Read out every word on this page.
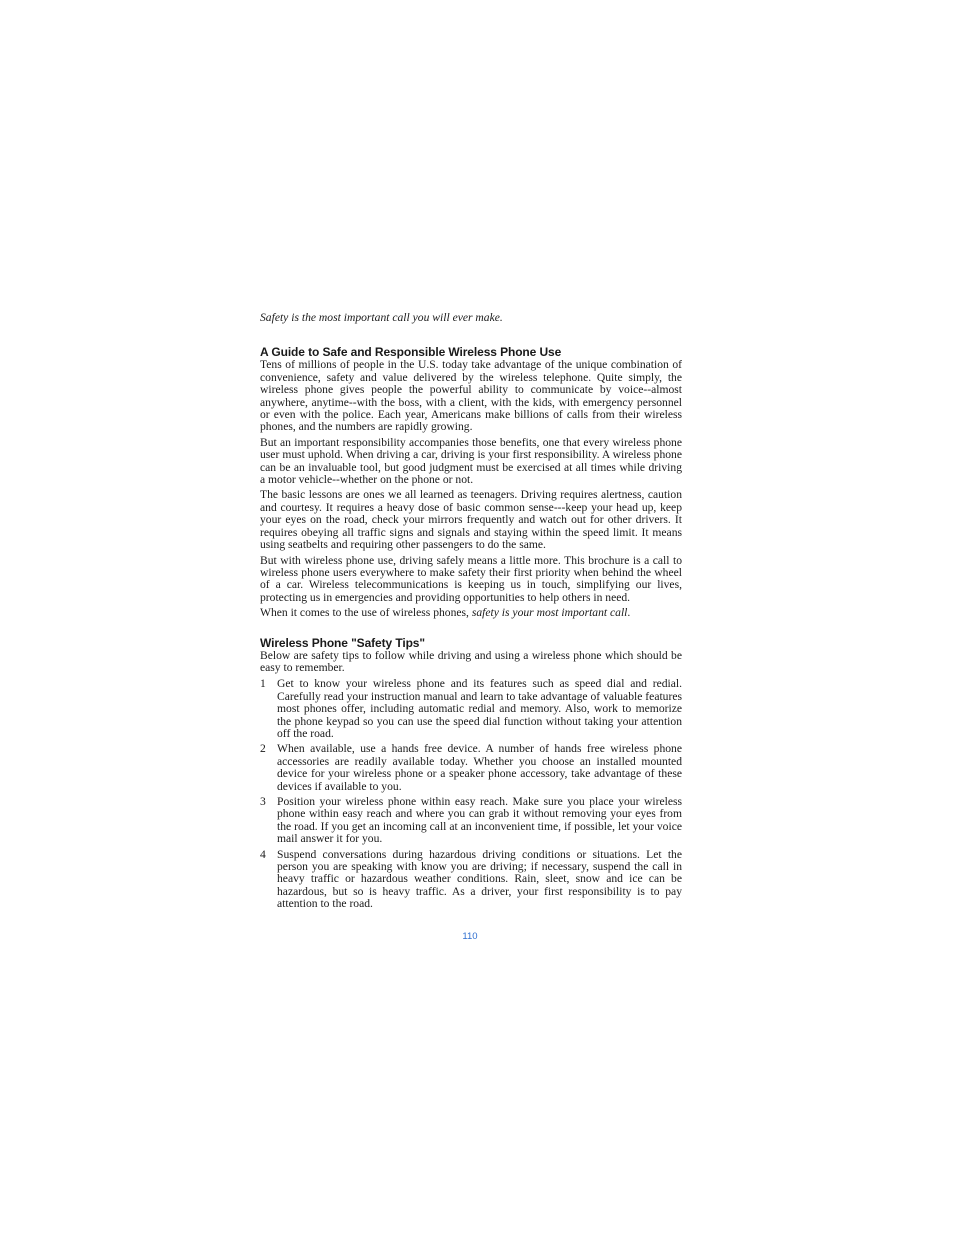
Safety is the most important call you will ever make.
A Guide to Safe and Responsible Wireless Phone Use

Tens of millions of people in the U.S. today take advantage of the unique combination of convenience, safety and value delivered by the wireless telephone. Quite simply, the wireless phone gives people the powerful ability to communicate by voice--almost anywhere, anytime--with the boss, with a client, with the kids, with emergency personnel or even with the police. Each year, Americans make billions of calls from their wireless phones, and the numbers are rapidly growing.

But an important responsibility accompanies those benefits, one that every wireless phone user must uphold. When driving a car, driving is your first responsibility. A wireless phone can be an invaluable tool, but good judgment must be exercised at all times while driving a motor vehicle--whether on the phone or not.

The basic lessons are ones we all learned as teenagers. Driving requires alertness, caution and courtesy. It requires a heavy dose of basic common sense---keep your head up, keep your eyes on the road, check your mirrors frequently and watch out for other drivers. It requires obeying all traffic signs and signals and staying within the speed limit. It means using seatbelts and requiring other passengers to do the same.

But with wireless phone use, driving safely means a little more. This brochure is a call to wireless phone users everywhere to make safety their first priority when behind the wheel of a car. Wireless telecommunications is keeping us in touch, simplifying our lives, protecting us in emergencies and providing opportunities to help others in need.

When it comes to the use of wireless phones, safety is your most important call.

Wireless Phone "Safety Tips"

Below are safety tips to follow while driving and using a wireless phone which should be easy to remember.

1 Get to know your wireless phone and its features such as speed dial and redial. Carefully read your instruction manual and learn to take advantage of valuable features most phones offer, including automatic redial and memory. Also, work to memorize the phone keypad so you can use the speed dial function without taking your attention off the road.
2 When available, use a hands free device. A number of hands free wireless phone accessories are readily available today. Whether you choose an installed mounted device for your wireless phone or a speaker phone accessory, take advantage of these devices if available to you.
3 Position your wireless phone within easy reach. Make sure you place your wireless phone within easy reach and where you can grab it without removing your eyes from the road. If you get an incoming call at an inconvenient time, if possible, let your voice mail answer it for you.
4 Suspend conversations during hazardous driving conditions or situations. Let the person you are speaking with know you are driving; if necessary, suspend the call in heavy traffic or hazardous weather conditions. Rain, sleet, snow and ice can be hazardous, but so is heavy traffic. As a driver, your first responsibility is to pay attention to the road.
110
